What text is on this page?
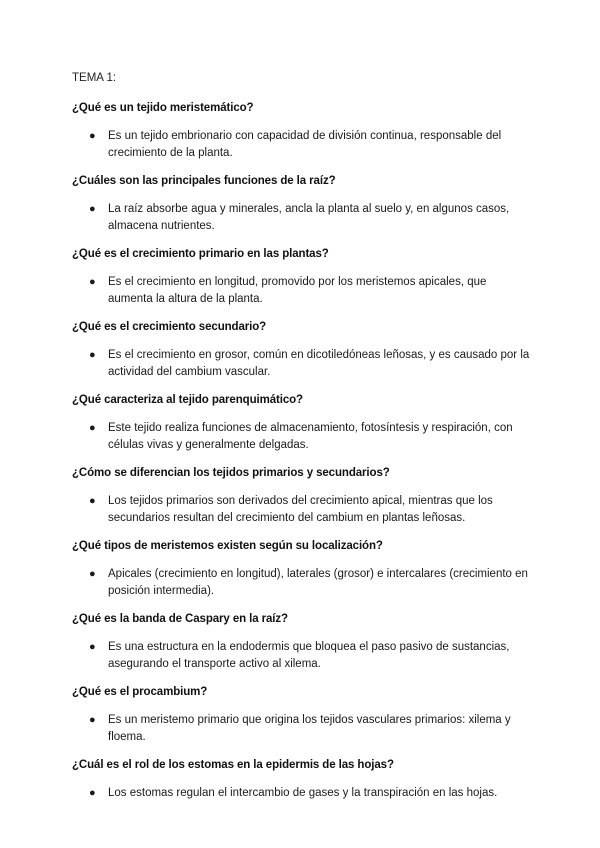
TEMA 1:

¿Qué es un tejido meristemático?

● Es un tejido embrionario con capacidad de división continua, responsable del crecimiento de la planta.

¿Cuáles son las principales funciones de la raíz?

● La raíz absorbe agua y minerales, ancla la planta al suelo y, en algunos casos, almacena nutrientes.

¿Qué es el crecimiento primario en las plantas?

● Es el crecimiento en longitud, promovido por los meristemos apicales, que aumenta la altura de la planta.

¿Qué es el crecimiento secundario?

● Es el crecimiento en grosor, común en dicotiledóneas leñosas, y es causado por la actividad del cambium vascular.

¿Qué caracteriza al tejido parenquimático?

● Este tejido realiza funciones de almacenamiento, fotosíntesis y respiración, con células vivas y generalmente delgadas.

¿Cómo se diferencian los tejidos primarios y secundarios?

● Los tejidos primarios son derivados del crecimiento apical, mientras que los secundarios resultan del crecimiento del cambium en plantas leñosas.

¿Qué tipos de meristemos existen según su localización?

● Apicales (crecimiento en longitud), laterales (grosor) e intercalares (crecimiento en posición intermedia).

¿Qué es la banda de Caspary en la raíz?

● Es una estructura en la endodermis que bloquea el paso pasivo de sustancias, asegurando el transporte activo al xilema.

¿Qué es el procambium?

● Es un meristemo primario que origina los tejidos vasculares primarios: xilema y floema.

¿Cuál es el rol de los estomas en la epidermis de las hojas?

● Los estomas regulan el intercambio de gases y la transpiración en las hojas.
